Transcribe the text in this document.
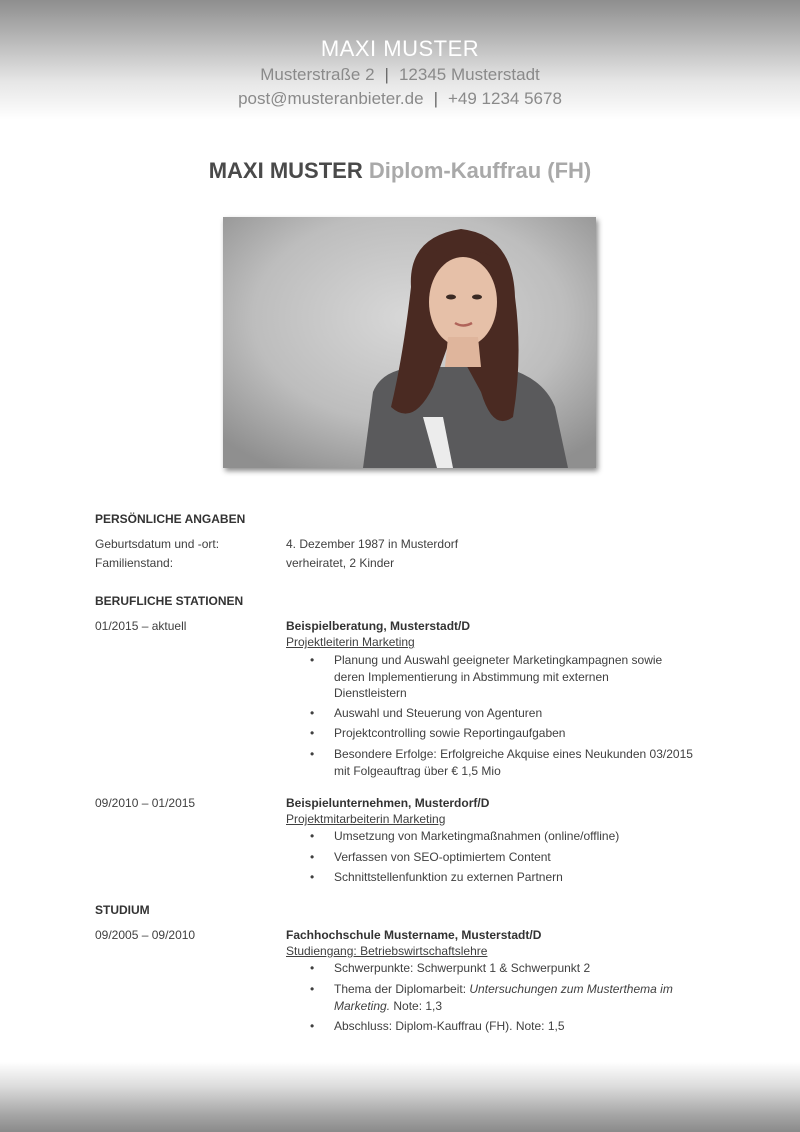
MAXI MUSTER
Musterstraße 2 | 12345 Musterstadt
post@musteranbieter.de | +49 1234 5678
MAXI MUSTER Diplom-Kauffrau (FH)
PERSÖNLICHE ANGABEN
Geburtsdatum und -ort:	4. Dezember 1987 in Musterdorf
Familienstand:	verheiratet, 2 Kinder
BERUFLICHE STATIONEN
01/2015 – aktuell	Beispielberatung, Musterstadt/D
Projektleiterin Marketing
• Planung und Auswahl geeigneter Marketingkampagnen sowie
deren Implementierung in Abstimmung mit externen
Dienstleistern
• Auswahl und Steuerung von Agenturen
• Projektcontrolling sowie Reportingaufgaben
• Besondere Erfolge: Erfolgreiche Akquise eines Neukunden 03/2015
mit Folgeauftrag über € 1,5 Mio
09/2010 – 01/2015	Beispielunternehmen, Musterdorf/D
Projektmitarbeiterin Marketing
• Umsetzung von Marketingmaßnahmen (online/offline)
• Verfassen von SEO-optimiertem Content
• Schnittstellenfunktion zu externen Partnern
STUDIUM
09/2005 – 09/2010	Fachhochschule Mustername, Musterstadt/D
Studiengang: Betriebswirtschaftslehre
• Schwerpunkte: Schwerpunkt 1 & Schwerpunkt 2
• Thema der Diplomarbeit: Untersuchungen zum Musterthema im
Marketing. Note: 1,3
• Abschluss: Diplom-Kauffrau (FH). Note: 1,5
